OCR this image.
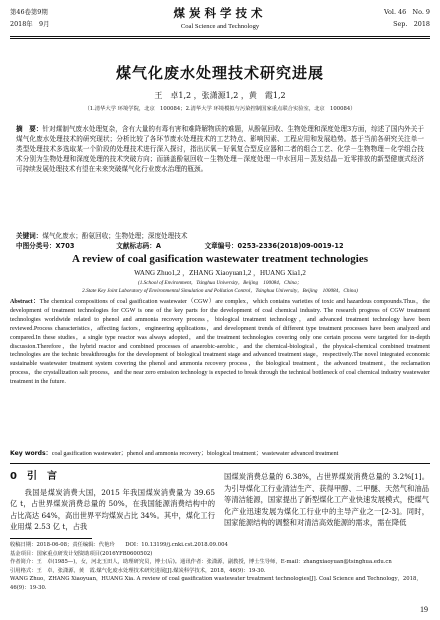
第46卷第9期
2018年　9月
煤炭科学技术
Coal Science and Technology
Vol. 46　No. 9
Sep.　2018
煤气化废水处理技术研究进展
王　卓1,2 ，张潇源1,2 ，黄　霞1,2
（1.清华大学 环境学院，北京　100084；2.清华大学 环境模拟与污染控制国家重点联合实验室，北京　100084）
摘　要：针对煤制气废水处理复杂，含有大量的有毒有害和难降解物质的难题，从酚氨回收、生物处理和深度处理3方面，综述了国内外关于煤气化废水处理技术的研究现状；分析比较了各环节废水处理技术的工艺特点、影响因素、工程应用和发展趋势。基于当前各研究关注单一类型处理技术多选取某一个阶段的处理技术进行深入探讨，指出厌氧－好氧复合型反应器和二者的组合工艺、化学－生物物理－化学组合技术分别为生物处理和深度处理的技术突破方向；而涵盖酚氨回收－生物处理－深度处理－中水回用－蒸发结晶－近零排放的新型健康式经济可持续发展处理技术有望在未来突破煤气化行业废水治理的瓶颈。
关键词：煤气化废水；酚氨回收；生物处理；深度处理技术
中图分类号：X703	文献标志码：A	文章编号：0253-2336(2018)09-0019-12
A review of coal gasification wastewater treatment technologies
WANG Zhuo1,2 ，ZHANG Xiaoyuan1,2 ，HUANG Xia1,2
(1.School of Environment，Tsinghua University，Beijing　100084，China；
2.State Key Joint Laboratory of Environmental Simulation and Pollution Control，Tsinghua University，Beijing　100084，China)
Abstract：The chemical compositions of coal gasification wastewater（CGW）are complex，which contains varieties of toxic and hazardous compounds.Thus，the development of treatment technologies for CGW is one of the key parts for the development of coal chemical industry. The research progress of CGW treatment technologies worldwide related to phenol and ammonia recovery process，biological treatment technology，and advanced treatment technology have been reviewed.Process characteristics，affecting factors，engineering applications，and development trends of different type treatment processes have been analyzed and compared.In these studies，a single type reactor was always adopted，and the treatment technologies covering only one certain process were targeted for in-depth discussion.Therefore，the hybrid reactor and combined processes of anaerobic-aerobic，and the chemical-biological，the physical-chemical combined treatment technologies are the technic breakthroughs for the development of biological treatment stage and advanced treatment stage，respectively.The novel integrated economic sustainable wastewater treatment system covering the phenol and ammonia recovery process，the biological treatment，the advanced treatment，the reclamation process，the crystallization salt process，and the near zero emission technology is expected to break through the technical bottleneck of coal chemical industry wastewater treatment in the future.
Key words：coal gasification wastewater；phenol and ammonia recovery；biological treatment；wastewater advanced treatment
0　引　言
我国是煤炭消费大国，2015 年我国煤炭消费量为 39.65 亿 t，占世界煤炭消费总量的 50%，在我国能源消费结构中的占比高达 64%，高出世界平均煤炭占比 34%。其中，煤化工行业用煤 2.53 亿 t，占我
国煤炭消费总量的 6.38%，占世界煤炭消费总量的 3.2%[1]。为引导煤化工行业清洁生产、获得甲醇、二甲醚、天然气和油品等清洁能源，国家提出了新型煤化工产业快速发展模式，使煤气化产业迅速发展为煤化工行业中的主导产业之一[2-3]。同时，国家能源结构的调整和对清洁高效能源的需求，需在降低
收稿日期：2018-06-08；责任编辑：代艳玲　　DOI：10.13199/j.cnki.cst.2018.09.004
基金项目：国家重点研发计划资助项目(2016YFB0600502)
作者简介：王　卓(1985—)，女，河北玉田人，助理研究员，博士(后)。通讯作者：张潇源，副教授，博士生导师，E-mail：zhangxiaoyuan@tsinghua.edu.cn
引用格式：王　卓，张潇源，黄　霞.煤气化废水处理技术研究进展[J].煤炭科学技术，2018，46(9)：19-30.
WANG Zhuo，ZHANG Xiaoyuan，HUANG Xia. A review of coal gasification wastewater treatment technologies[J]. Coal Science and Technology，2018，46(9)：19-30.
19
